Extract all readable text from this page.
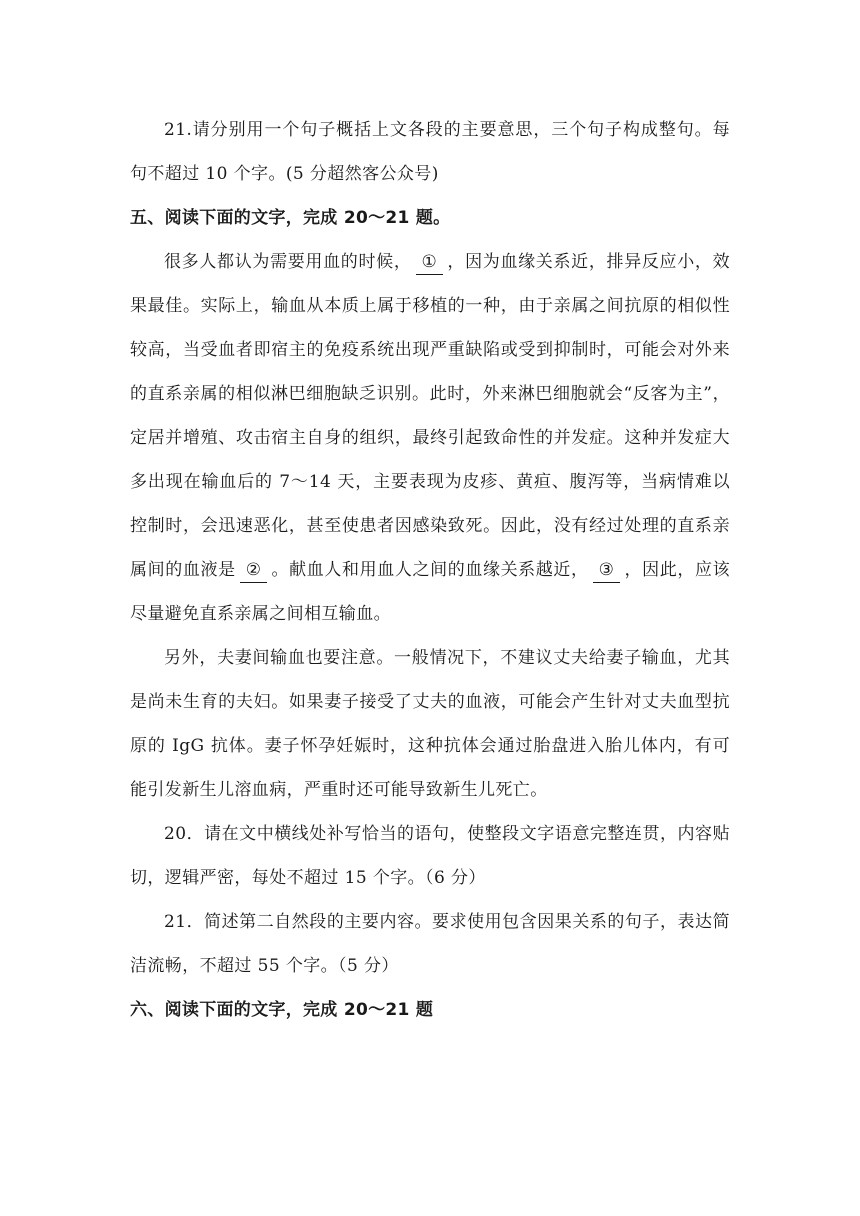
21.请分别用一个句子概括上文各段的主要意思，三个句子构成整句。每句不超过 10 个字。(5 分超然客公众号)

五、阅读下面的文字，完成 20～21 题。

很多人都认为需要用血的时候， ① ，因为血缘关系近，排异反应小，效果最佳。实际上，输血从本质上属于移植的一种，由于亲属之间抗原的相似性较高，当受血者即宿主的免疫系统出现严重缺陷或受到抑制时，可能会对外来的直系亲属的相似淋巴细胞缺乏识别。此时，外来淋巴细胞就会“反客为主”，定居并增殖、攻击宿主自身的组织，最终引起致命性的并发症。这种并发症大多出现在输血后的 7～14 天，主要表现为皮疹、黄疸、腹泻等，当病情难以控制时，会迅速恶化，甚至使患者因感染致死。因此，没有经过处理的直系亲属间的血液是 ② 。献血人和用血人之间的血缘关系越近， ③ ，因此，应该尽量避免直系亲属之间相互输血。

另外，夫妻间输血也要注意。一般情况下，不建议丈夫给妻子输血，尤其是尚未生育的夫妇。如果妻子接受了丈夫的血液，可能会产生针对丈夫血型抗原的 IgG 抗体。妻子怀孕妊娠时，这种抗体会通过胎盘进入胎儿体内，有可能引发新生儿溶血病，严重时还可能导致新生儿死亡。

20．请在文中横线处补写恰当的语句，使整段文字语意完整连贯，内容贴切，逻辑严密，每处不超过 15 个字。（6 分）

21．简述第二自然段的主要内容。要求使用包含因果关系的句子，表达简洁流畅，不超过 55 个字。（5 分）

六、阅读下面的文字，完成 20～21 题
